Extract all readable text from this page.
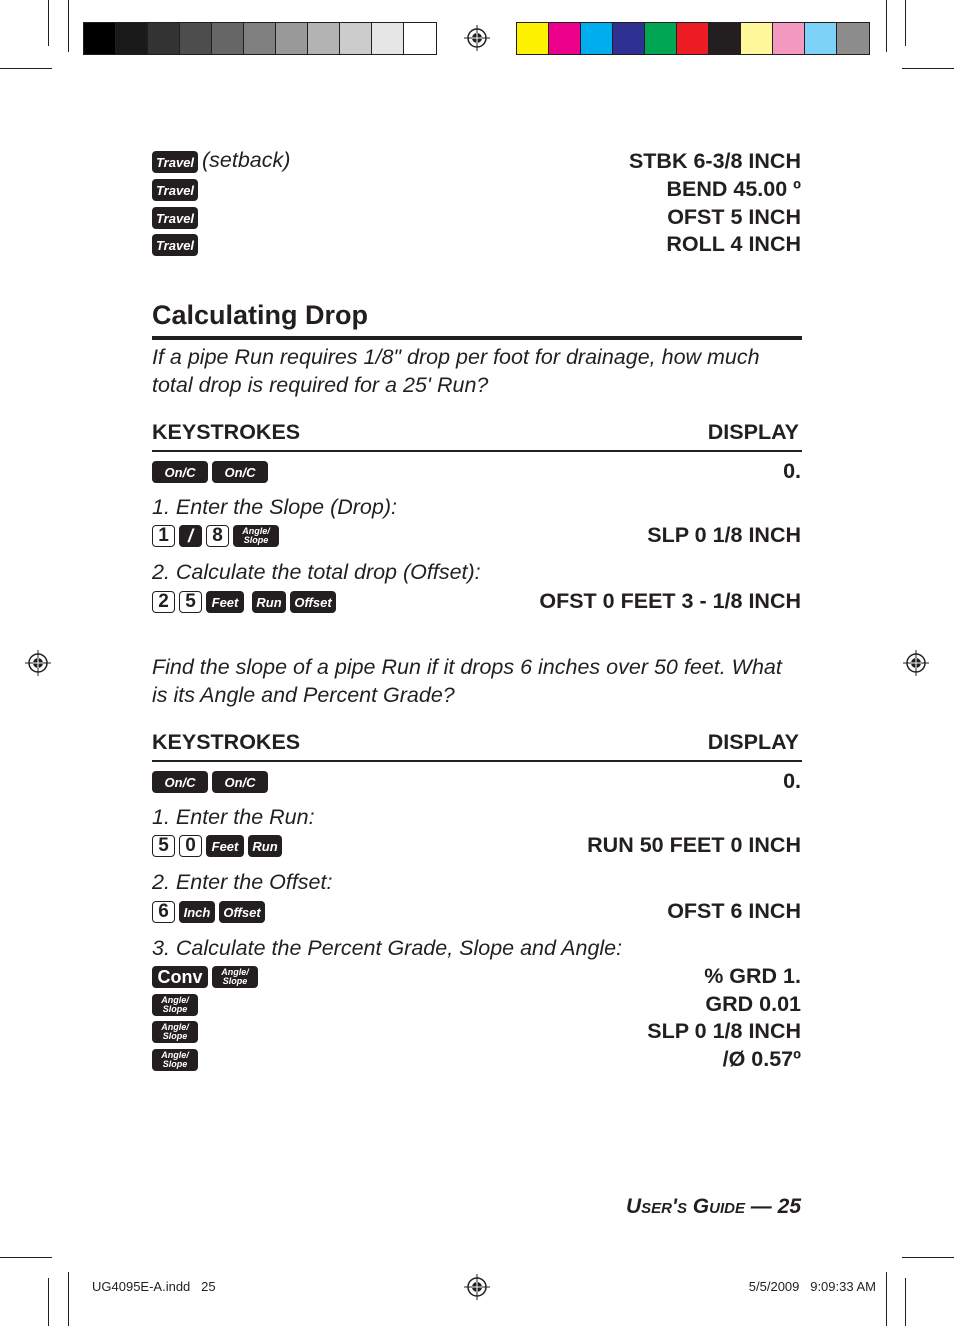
Travel (setback)	STBK 6-3/8 INCH
Travel	BEND 45.00 º
Travel	OFST 5 INCH
Travel	ROLL 4 INCH
Calculating Drop
If a pipe Run requires 1/8" drop per foot for drainage, how much total drop is required for a 25' Run?
KEYSTROKES	DISPLAY
On/C	On/C	0.
1. Enter the Slope (Drop):
1	/	8	Angle/
Slope	SLP 0 1/8 INCH
2. Calculate the total drop (Offset):
2 5	Feet	Run Offset	OFST 0 FEET 3 - 1/8 INCH
Find the slope of a pipe Run if it drops 6 inches over 50 feet. What is its Angle and Percent Grade?
KEYSTROKES	DISPLAY
On/C	On/C	0.
1. Enter the Run:
5 0	Feet	Run	RUN 50 FEET 0 INCH
2. Enter the Offset:
6	Inch Offset	OFST 6 INCH
3. Calculate the Percent Grade, Slope and Angle:
Conv	Angle/
Slope	% GRD 1.
Angle/
Slope	GRD 0.01
Angle/
Slope	SLP 0 1/8 INCH
Angle/
Slope	/Ø 0.57º
User's Guide — 25
UG4095E-A.indd   25	5/5/2009   9:09:33 AM
